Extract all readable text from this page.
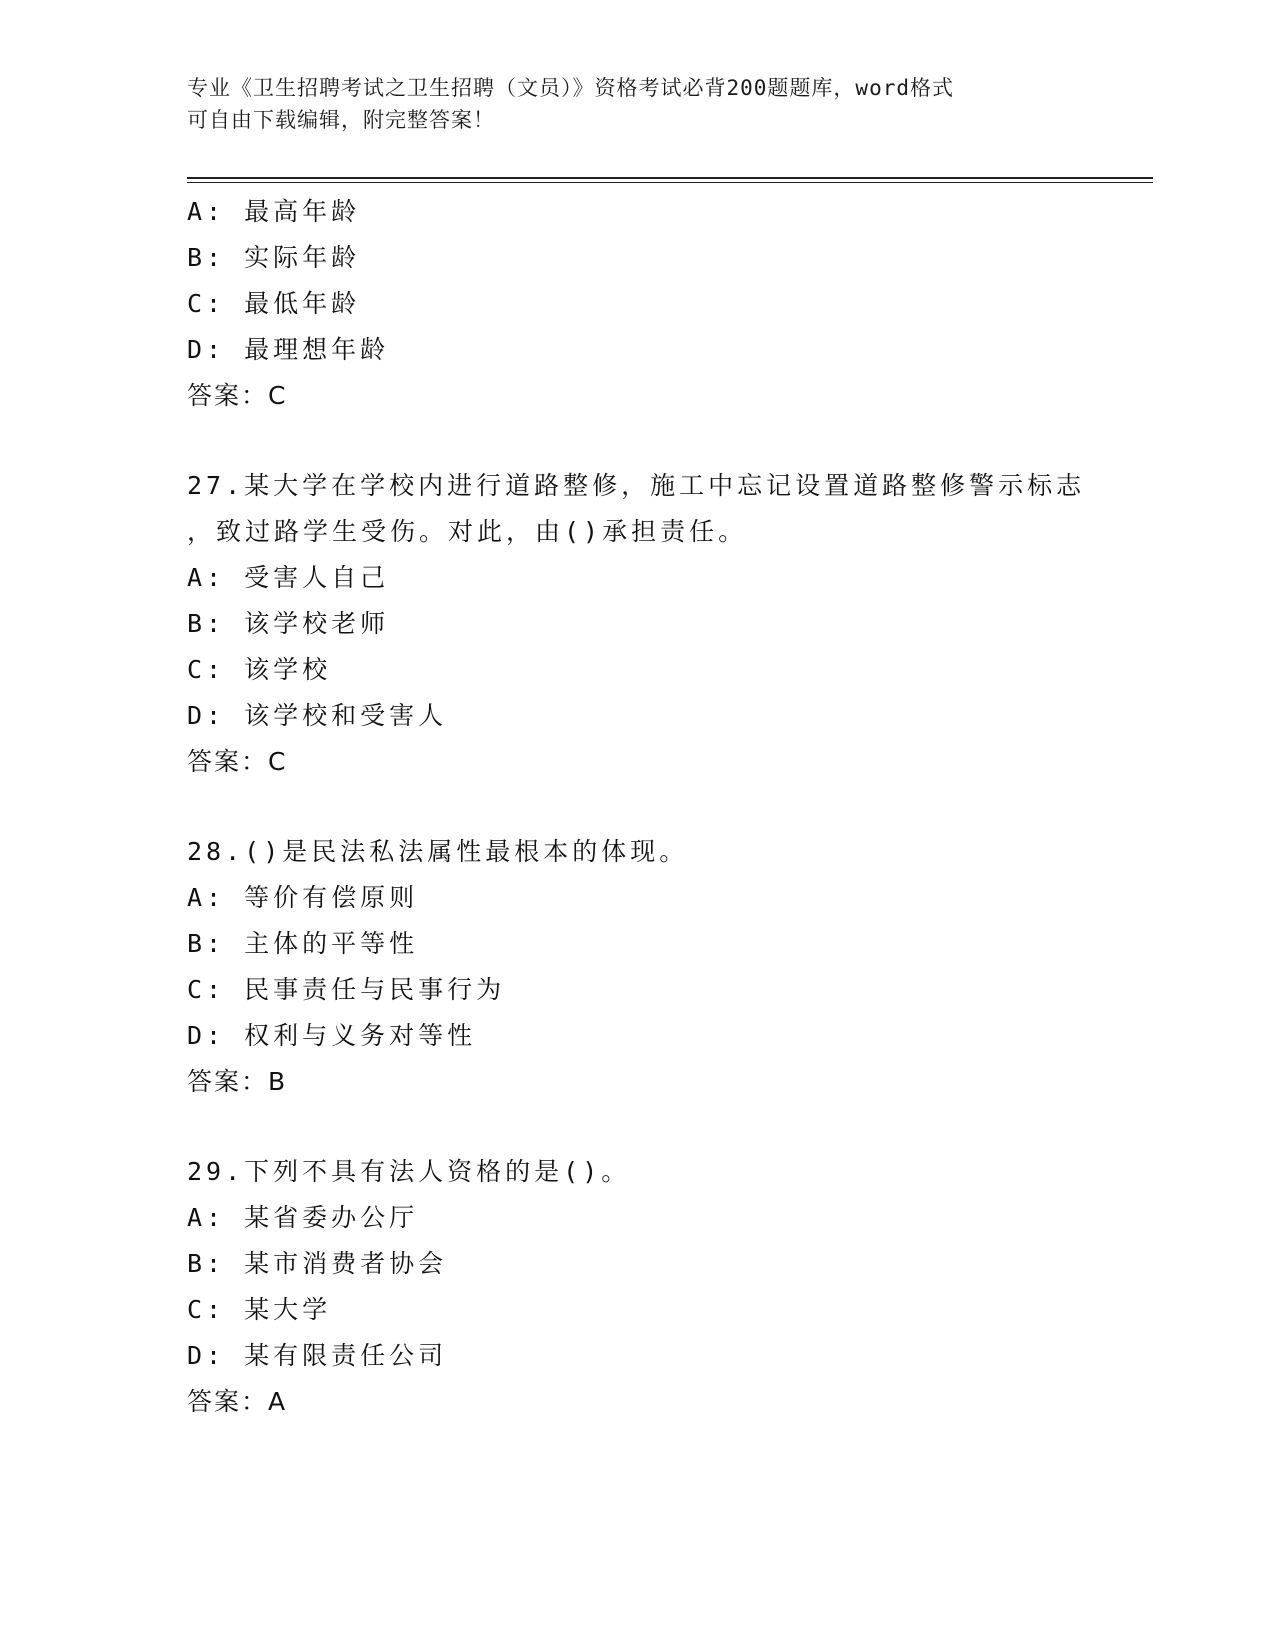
专业《卫生招聘考试之卫生招聘（文员）》资格考试必背200题题库，word格式
可自由下载编辑，附完整答案！
A: 最高年龄
B: 实际年龄
C: 最低年龄
D: 最理想年龄
答案：C
27.某大学在学校内进行道路整修，施工中忘记设置道路整修警示标志
，致过路学生受伤。对此，由()承担责任。
A: 受害人自己
B: 该学校老师
C: 该学校
D: 该学校和受害人
答案：C
28.()是民法私法属性最根本的体现。
A: 等价有偿原则
B: 主体的平等性
C: 民事责任与民事行为
D: 权利与义务对等性
答案：B
29.下列不具有法人资格的是()。
A: 某省委办公厅
B: 某市消费者协会
C: 某大学
D: 某有限责任公司
答案：A
